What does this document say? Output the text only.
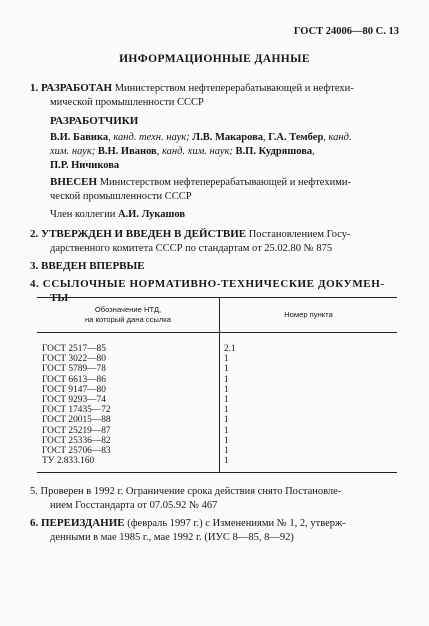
ГОСТ 24006—80 С. 13
ИНФОРМАЦИОННЫЕ ДАННЫЕ
1. РАЗРАБОТАН Министерством нефтеперерабатывающей и нефтехи-
мической промышленности СССР
РАЗРАБОТЧИКИ
В.И. Бавика, канд. техн. наук; Л.В. Макарова, Г.А. Тембер, канд.
хим. наук; В.Н. Иванов, канд. хим. наук; В.П. Кудряшова,
П.Р. Ничикова
ВНЕСЕН Министерством нефтеперерабатывающей и нефтехими-
ческой промышленности СССР
Член коллегии А.И. Лукашов
2. УТВЕРЖДЕН И ВВЕДЕН В ДЕЙСТВИЕ Постановлением Госу-
дарственного комитета СССР по стандартам от 25.02.80 № 875
3. ВВЕДЕН ВПЕРВЫЕ
4. ССЫЛОЧНЫЕ НОРМАТИВНО-ТЕХНИЧЕСКИЕ ДОКУМЕН-
ТЫ
Обозначение НТД,
на который дана ссылка
Номер пункта
ГОСТ 2517—85	2.1
ГОСТ 3022—80	1
ГОСТ 5789—78	1
ГОСТ 6613—86	1
ГОСТ 9147—80	1
ГОСТ 9293—74	1
ГОСТ 17435—72	1
ГОСТ 20015—88	1
ГОСТ 25219—87	1
ГОСТ 25336—82	1
ГОСТ 25706—83	1
ТУ 2.833.160	1
5. Проверен в 1992 г. Ограничение срока действия снято Постановле-
нием Госстандарта от 07.05.92 № 467
6. ПЕРЕИЗДАНИЕ (февраль 1997 г.) с Изменениями № 1, 2, утверж-
денными в мае 1985 г., мае 1992 г. (ИУС 8—85, 8—92)
